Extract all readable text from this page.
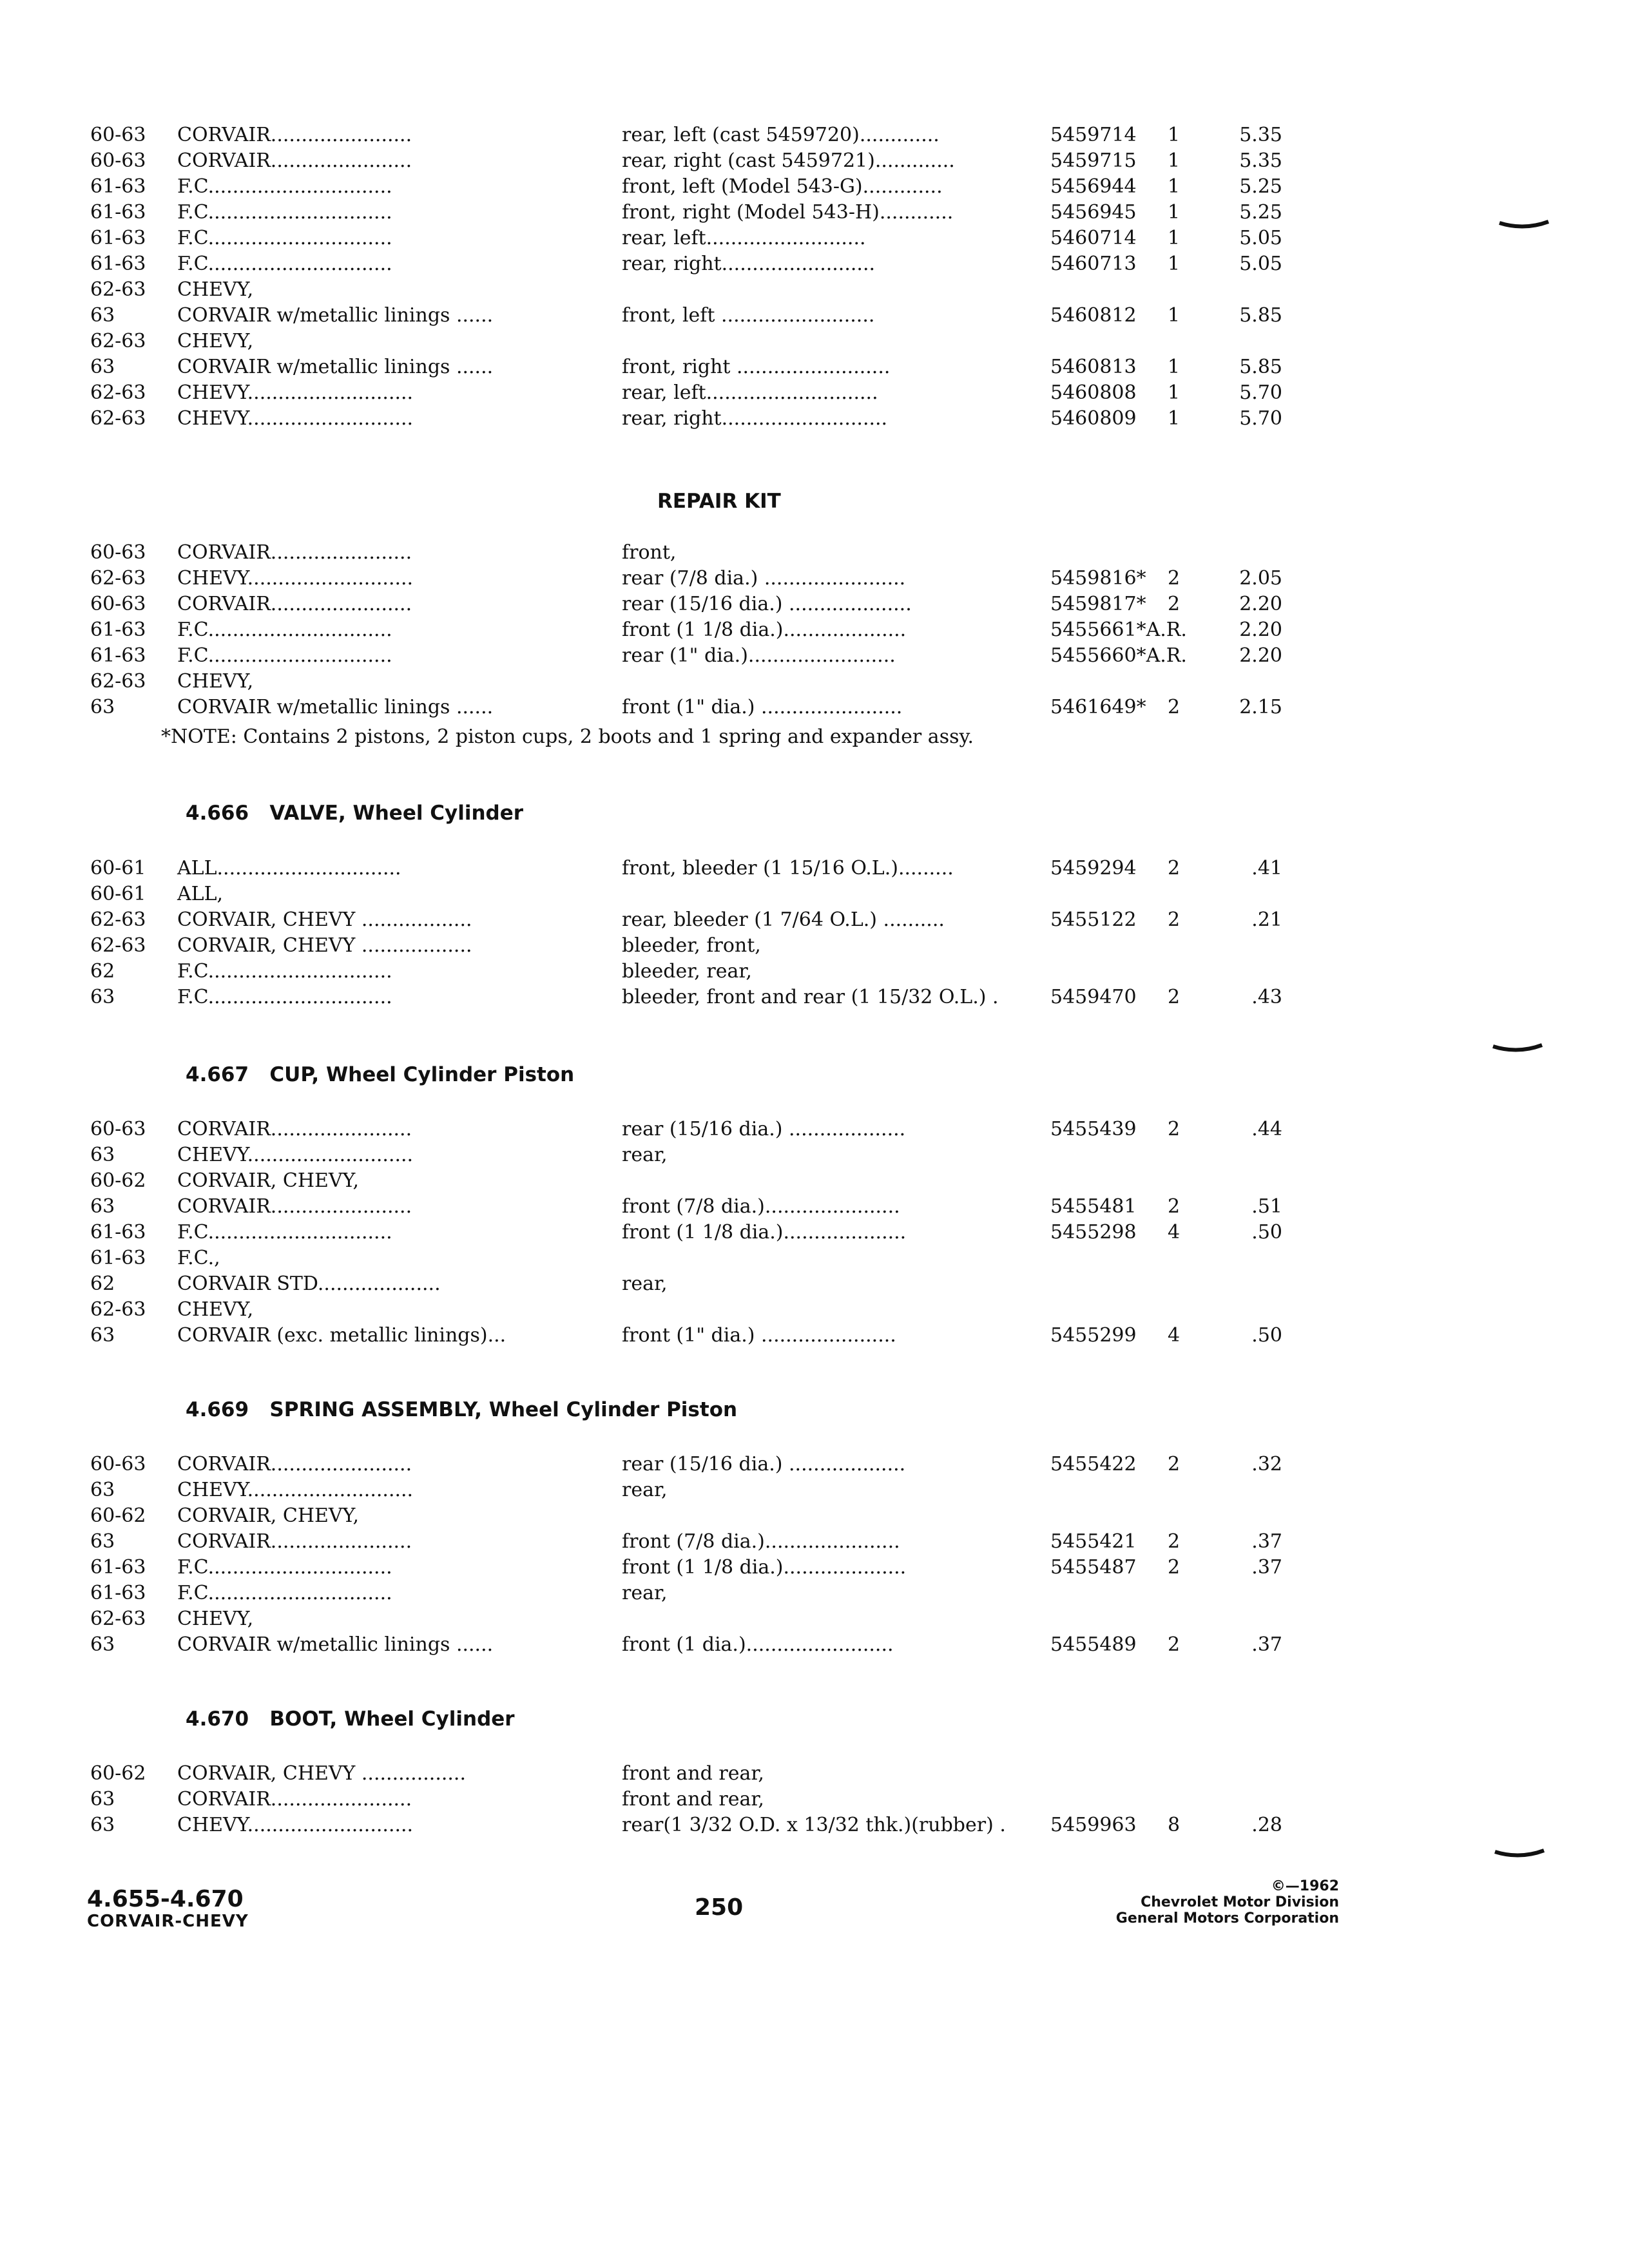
60-63	CORVAIR.......................	rear, left (cast 5459720).............	5459714	1	5.35
60-63	CORVAIR.......................	rear, right (cast 5459721).............	5459715	1	5.35
61-63	F.C..............................	front, left (Model 543-G).............	5456944	1	5.25
61-63	F.C..............................	front, right (Model 543-H)............	5456945	1	5.25
61-63	F.C..............................	rear, left..........................	5460714	1	5.05
61-63	F.C..............................	rear, right.........................	5460713	1	5.05
62-63	CHEVY,
63	CORVAIR w/metallic linings ......	front, left .........................	5460812	1	5.85
62-63	CHEVY,
63	CORVAIR w/metallic linings ......	front, right .........................	5460813	1	5.85
62-63	CHEVY...........................	rear, left............................	5460808	1	5.70
62-63	CHEVY...........................	rear, right...........................	5460809	1	5.70
REPAIR KIT
60-63	CORVAIR.......................	front,
62-63	CHEVY...........................	rear (7/8 dia.) .......................	5459816*	2	2.05
60-63	CORVAIR.......................	rear (15/16 dia.) ....................	5459817*	2	2.20
61-63	F.C..............................	front (1 1/8 dia.)....................	5455661*A.R.	2.20
61-63	F.C..............................	rear (1" dia.)........................	5455660*A.R.	2.20
62-63	CHEVY,
63	CORVAIR w/metallic linings ......	front (1" dia.) .......................	5461649*	2	2.15
*NOTE: Contains 2 pistons, 2 piston cups, 2 boots and 1 spring and expander assy.
4.666   VALVE, Wheel Cylinder
60-61	ALL..............................	front, bleeder (1 15/16 O.L.).........	5459294	2	.41
60-61	ALL,
62-63	CORVAIR, CHEVY ..................	rear, bleeder (1 7/64 O.L.) ..........	5455122	2	.21
62-63	CORVAIR, CHEVY ..................	bleeder, front,
62	F.C..............................	bleeder, rear,
63	F.C..............................	bleeder, front and rear (1 15/32 O.L.) .	5459470	2	.43
4.667   CUP, Wheel Cylinder Piston
60-63	CORVAIR.......................	rear (15/16 dia.) ...................	5455439	2	.44
63	CHEVY...........................	rear,
60-62	CORVAIR, CHEVY,
63	CORVAIR.......................	front (7/8 dia.)......................	5455481	2	.51
61-63	F.C..............................	front (1 1/8 dia.)....................	5455298	4	.50
61-63	F.C.,
62	CORVAIR STD....................	rear,
62-63	CHEVY,
63	CORVAIR (exc. metallic linings)...	front (1" dia.) ......................	5455299	4	.50
4.669   SPRING ASSEMBLY, Wheel Cylinder Piston
60-63	CORVAIR.......................	rear (15/16 dia.) ...................	5455422	2	.32
63	CHEVY...........................	rear,
60-62	CORVAIR, CHEVY,
63	CORVAIR.......................	front (7/8 dia.)......................	5455421	2	.37
61-63	F.C..............................	front (1 1/8 dia.)....................	5455487	2	.37
61-63	F.C..............................	rear,
62-63	CHEVY,
63	CORVAIR w/metallic linings ......	front (1 dia.)........................	5455489	2	.37
4.670   BOOT, Wheel Cylinder
60-62	CORVAIR, CHEVY .................	front and rear,
63	CORVAIR.......................	front and rear,
63	CHEVY...........................	rear(1 3/32 O.D. x 13/32 thk.)(rubber) .	5459963	8	.28
4.655-4.670
CORVAIR-CHEVY
250
©—1962
Chevrolet Motor Division
General Motors Corporation
